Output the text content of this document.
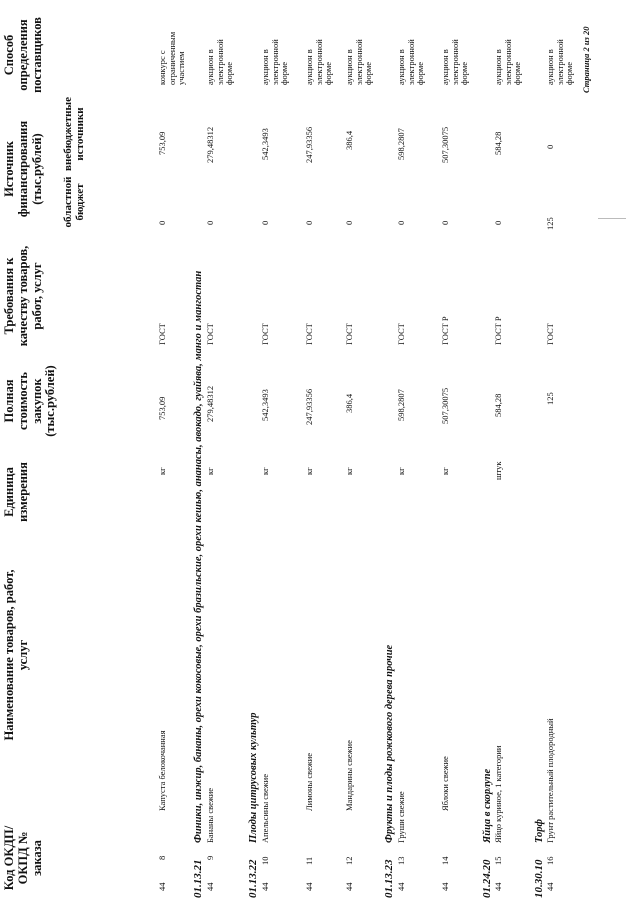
Код ОКДП/ ОКПД № заказа
Наименование товаров, работ, услуг
Единица измерения
Полная стоимость закупок (тыс.рублей)
Требования к качеству товаров, работ, услуг
Источник финансирования (тыс.рублей) областной бюджет
внебюджетные источники
Способ определения поставщиков
44
8
Капуста белокочанная
кг
753,09
ГОСТ
0
753,09
конкурс с ограниченным участием
01.13.21
Финики, инжир, бананы, орехи кокосовые, орехи бразильские, орехи кешью, ананасы, авокадо, гуайява, манго и мангостан
44
9
Бананы свежие
кг
279,48312
ГОСТ
0
279,48312
аукцион в электронной форме
01.13.22
Плоды цитрусовых культур
44
10
Апельсины свежие
кг
542,3493
ГОСТ
0
542,3493
аукцион в электронной форме
44
11
Лимоны свежие
кг
247,93356
ГОСТ
0
247,93356
аукцион в электронной форме
44
12
Мандарины свежие
кг
386,4
ГОСТ
0
386,4
аукцион в электронной форме
01.13.23
Фрукты и плоды рожкового дерева прочие
44
13
Груши свежие
кг
598,2807
ГОСТ
0
598,2807
аукцион в электронной форме
44
14
Яблоки свежие
кг
507,30075
ГОСТ Р
0
507,30075
аукцион в электронной форме
01.24.20
Яйца в скорлупе
44
15
Яйцо куриное, 1 категории
штук
584,28
ГОСТ Р
0
584,28
аукцион в электронной форме
10.30.10
Торф
44
16
Грунт растительный плодородный
125
ГОСТ
125
0
аукцион в электронной форме Страница 2 из 20
